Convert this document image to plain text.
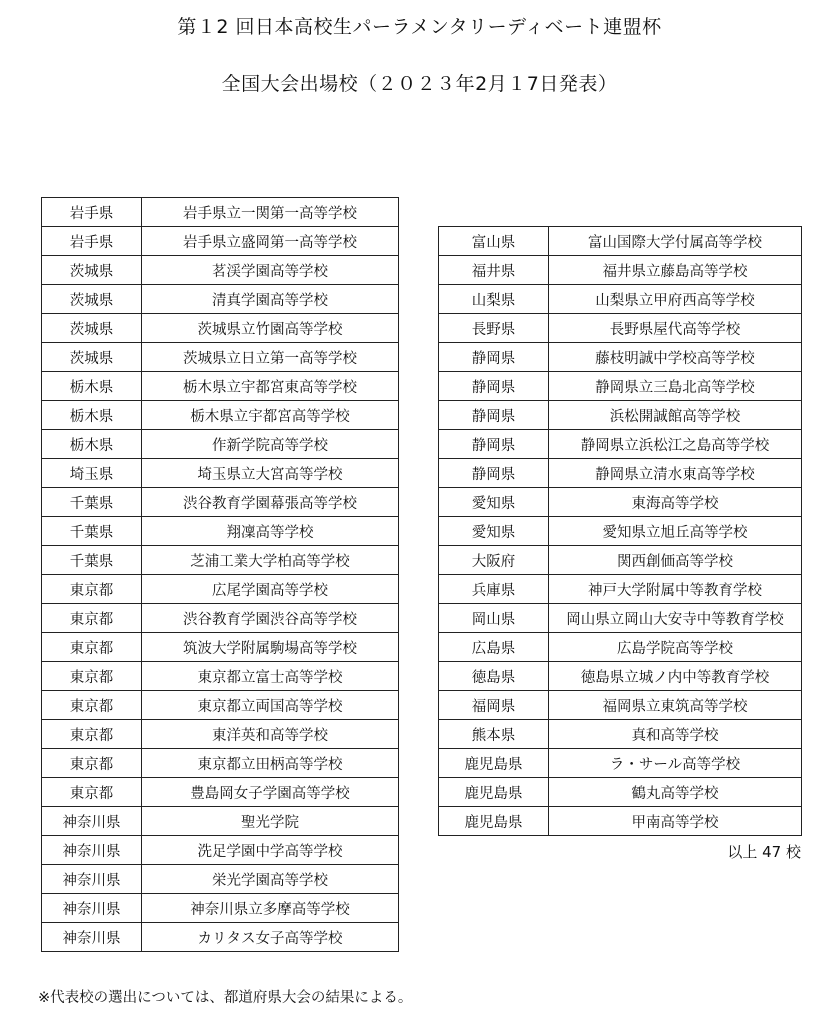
第１2 回日本高校生パーラメンタリーディベート連盟杯
全国大会出場校（２０２３年2月１7日発表）
岩手県	岩手県立一関第一高等学校
岩手県	岩手県立盛岡第一高等学校
茨城県	茗渓学園高等学校
茨城県	清真学園高等学校
茨城県	茨城県立竹園高等学校
茨城県	茨城県立日立第一高等学校
栃木県	栃木県立宇都宮東高等学校
栃木県	栃木県立宇都宮高等学校
栃木県	作新学院高等学校
埼玉県	埼玉県立大宮高等学校
千葉県	渋谷教育学園幕張高等学校
千葉県	翔凜高等学校
千葉県	芝浦工業大学柏高等学校
東京都	広尾学園高等学校
東京都	渋谷教育学園渋谷高等学校
東京都	筑波大学附属駒場高等学校
東京都	東京都立富士高等学校
東京都	東京都立両国高等学校
東京都	東洋英和高等学校
東京都	東京都立田柄高等学校
東京都	豊島岡女子学園高等学校
神奈川県	聖光学院
神奈川県	洗足学園中学高等学校
神奈川県	栄光学園高等学校
神奈川県	神奈川県立多摩高等学校
神奈川県	カリタス女子高等学校
富山県	富山国際大学付属高等学校
福井県	福井県立藤島高等学校
山梨県	山梨県立甲府西高等学校
長野県	長野県屋代高等学校
静岡県	藤枝明誠中学校高等学校
静岡県	静岡県立三島北高等学校
静岡県	浜松開誠館高等学校
静岡県	静岡県立浜松江之島高等学校
静岡県	静岡県立清水東高等学校
愛知県	東海高等学校
愛知県	愛知県立旭丘高等学校
大阪府	関西創価高等学校
兵庫県	神戸大学附属中等教育学校
岡山県	岡山県立岡山大安寺中等教育学校
広島県	広島学院高等学校
徳島県	徳島県立城ノ内中等教育学校
福岡県	福岡県立東筑高等学校
熊本県	真和高等学校
鹿児島県	ラ・サール高等学校
鹿児島県	鶴丸高等学校
鹿児島県	甲南高等学校
以上 47 校
※代表校の選出については、都道府県大会の結果による。
